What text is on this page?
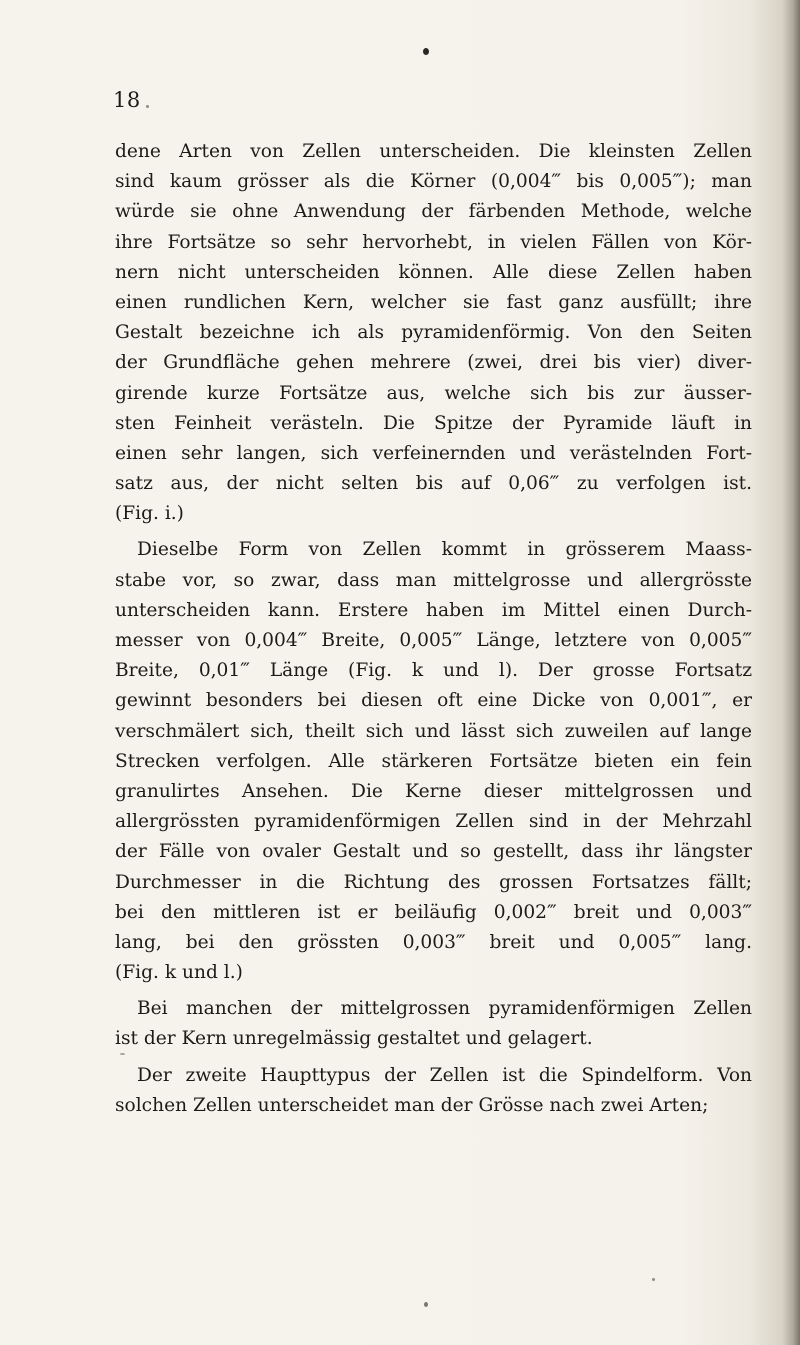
18

dene Arten von Zellen unterscheiden. Die kleinsten Zellen
sind kaum grösser als die Körner (0,004‴ bis 0,005‴); man
würde sie ohne Anwendung der färbenden Methode, welche
ihre Fortsätze so sehr hervorhebt, in vielen Fällen von Kör-
nern nicht unterscheiden können. Alle diese Zellen haben
einen rundlichen Kern, welcher sie fast ganz ausfüllt; ihre
Gestalt bezeichne ich als pyramidenförmig. Von den Seiten
der Grundfläche gehen mehrere (zwei, drei bis vier) diver-
girende kurze Fortsätze aus, welche sich bis zur äusser-
sten Feinheit verästeln. Die Spitze der Pyramide läuft in
einen sehr langen, sich verfeinernden und verästelnden Fort-
satz aus, der nicht selten bis auf 0,06‴ zu verfolgen ist.
(Fig. i.)

Dieselbe Form von Zellen kommt in grösserem Maass-
stabe vor, so zwar, dass man mittelgrosse und allergrösste
unterscheiden kann. Erstere haben im Mittel einen Durch-
messer von 0,004‴ Breite, 0,005‴ Länge, letztere von 0,005‴
Breite, 0,01‴ Länge (Fig. k und l). Der grosse Fortsatz
gewinnt besonders bei diesen oft eine Dicke von 0,001‴, er
verschmälert sich, theilt sich und lässt sich zuweilen auf lange
Strecken verfolgen. Alle stärkeren Fortsätze bieten ein fein
granulirtes Ansehen. Die Kerne dieser mittelgrossen und
allergrössten pyramidenförmigen Zellen sind in der Mehrzahl
der Fälle von ovaler Gestalt und so gestellt, dass ihr längster
Durchmesser in die Richtung des grossen Fortsatzes fällt;
bei den mittleren ist er beiläufig 0,002‴ breit und 0,003‴
lang, bei den grössten 0,003‴ breit und 0,005‴ lang.
(Fig. k und l.)

Bei manchen der mittelgrossen pyramidenförmigen Zellen
ist der Kern unregelmässig gestaltet und gelagert.

Der zweite Haupttypus der Zellen ist die Spindelform. Von
solchen Zellen unterscheidet man der Grösse nach zwei Arten;
